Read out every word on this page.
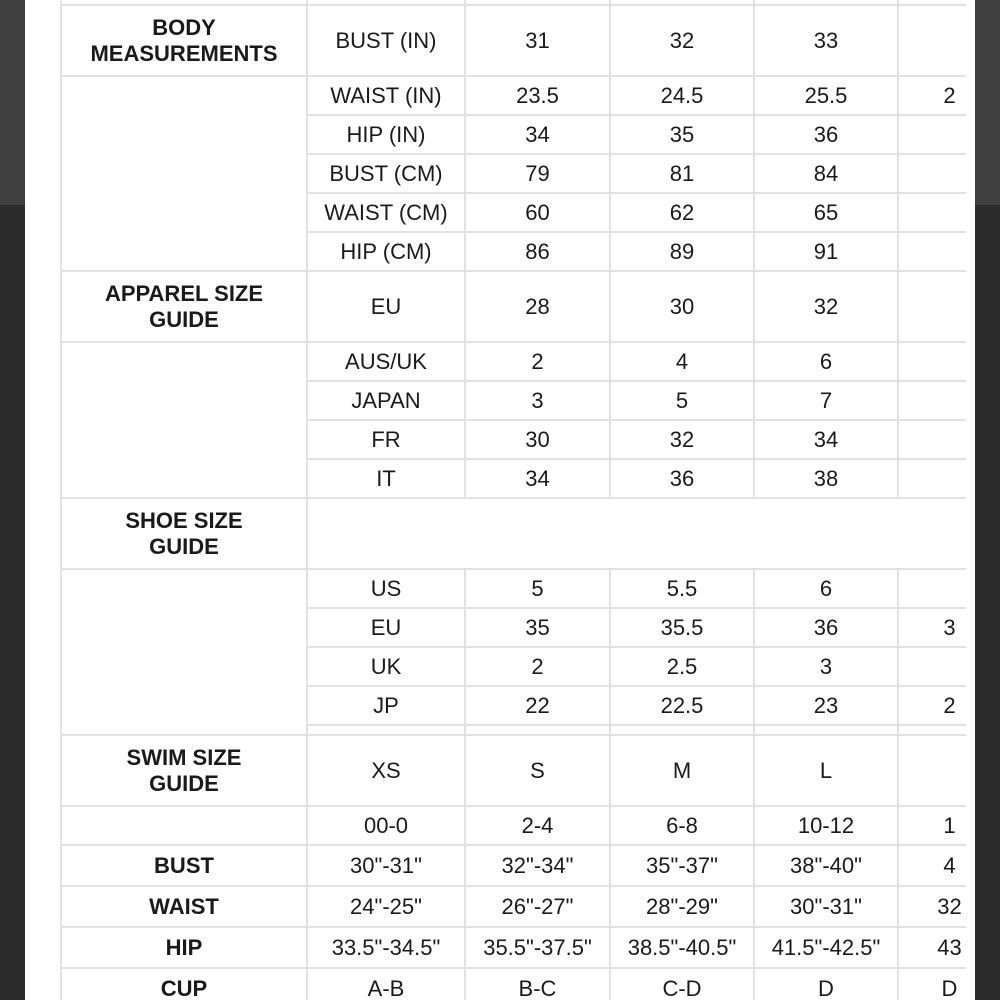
BODY
MEASUREMENTS	BUST (IN)	31	32	33	
	WAIST (IN)	23.5	24.5	25.5	2
	HIP (IN)	34	35	36	
	BUST (CM)	79	81	84	
	WAIST (CM)	60	62	65	
	HIP (CM)	86	89	91	
APPAREL SIZE
GUIDE	EU	28	30	32	
	AUS/UK	2	4	6	
	JAPAN	3	5	7	
	FR	30	32	34	
	IT	34	36	38	
SHOE SIZE
GUIDE					
	US	5	5.5	6	
	EU	35	35.5	36	3
	UK	2	2.5	3	
	JP	22	22.5	23	2

SWIM SIZE
GUIDE	XS	S	M	L	
	00-0	2-4	6-8	10-12	1
BUST	30"-31"	32"-34"	35"-37"	38"-40"	4
WAIST	24"-25"	26"-27"	28"-29"	30"-31"	32
HIP	33.5"-34.5"	35.5"-37.5"	38.5"-40.5"	41.5"-42.5"	43
CUP	A-B	B-C	C-D	D	D
